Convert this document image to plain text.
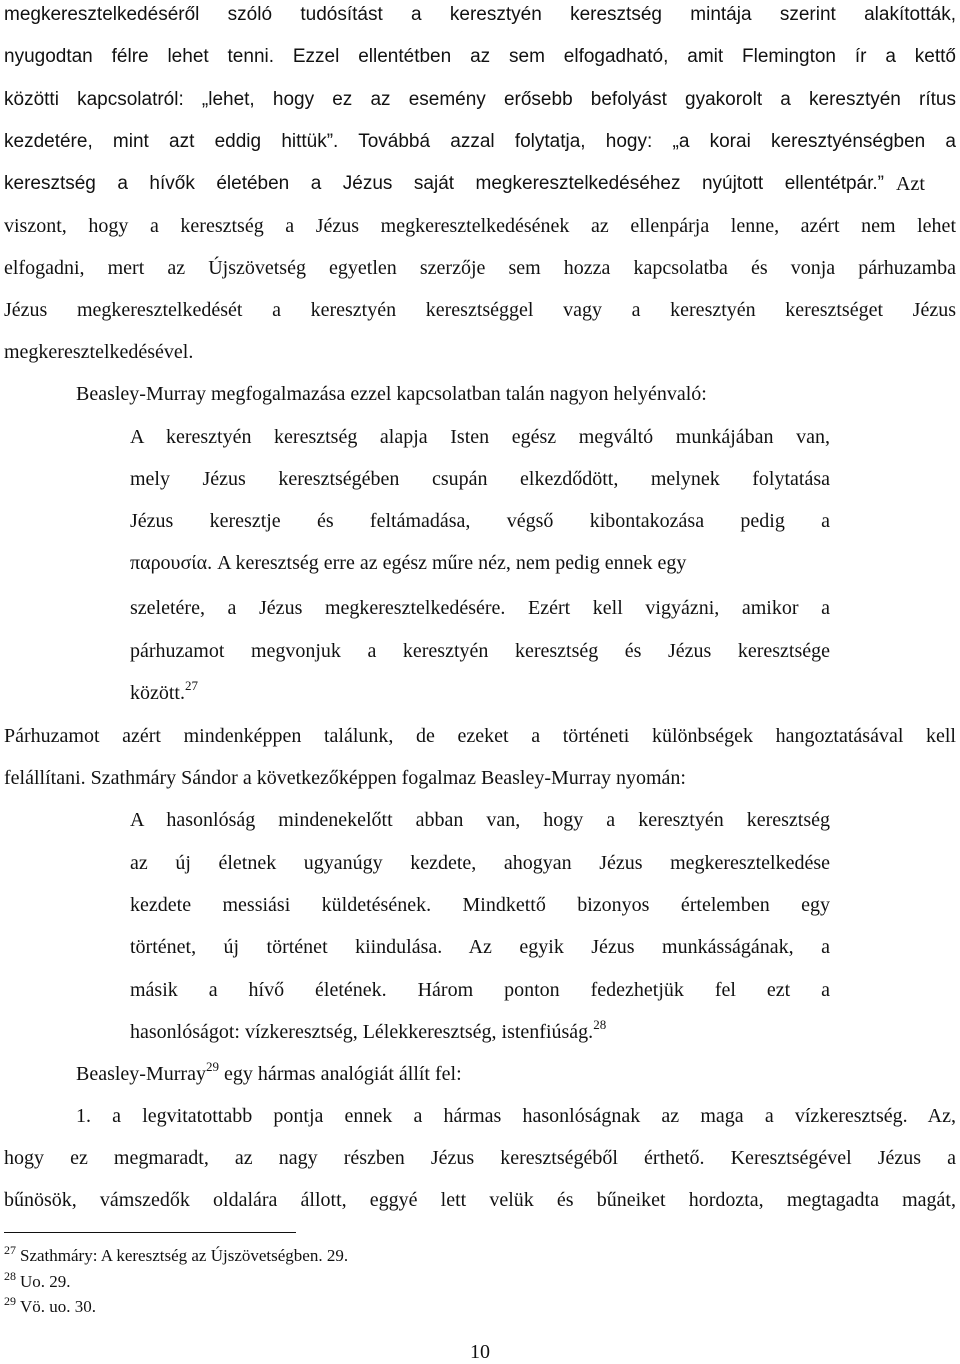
megkeresztelkedéséről szóló tudósítást a keresztyén keresztség mintája szerint alakították,
nyugodtan félre lehet tenni. Ezzel ellentétben az sem elfogadható, amit Flemington ír a kettő
közötti kapcsolatról: „lehet, hogy ez az esemény erősebb befolyást gyakorolt a keresztyén rítus
kezdetére, mint azt eddig hittük”. Továbbá azzal folytatja, hogy: „a korai keresztyénségben a
keresztség a hívők életében a Jézus saját megkeresztelkedéséhez nyújtott ellentétpár.” Azt
viszont, hogy a keresztség a Jézus megkeresztelkedésének az ellenpárja lenne, azért nem lehet
elfogadni, mert az Újszövetség egyetlen szerzője sem hozza kapcsolatba és vonja párhuzamba
Jézus megkeresztelkedését a keresztyén keresztséggel vagy a keresztyén keresztséget Jézus
megkeresztelkedésével.
Beasley-Murray megfogalmazása ezzel kapcsolatban talán nagyon helyénvaló:
A keresztyén keresztség alapja Isten egész megváltó munkájában van,
mely Jézus keresztségében csupán elkezdődött, melynek folytatása
Jézus keresztje és feltámadása, végső kibontakozása pedig a
παρουσία. A keresztség erre az egész műre néz, nem pedig ennek egy
szeletére, a Jézus megkeresztelkedésére. Ezért kell vigyázni, amikor a
párhuzamot megvonjuk a keresztyén keresztség és Jézus keresztsége
között.$^{27}$
Párhuzamot azért mindenképpen találunk, de ezeket a történeti különbségek hangoztatásával kell
felállítani. Szathmáry Sándor a következőképpen fogalmaz Beasley-Murray nyomán:
A hasonlóság mindenekelőtt abban van, hogy a keresztyén keresztség
az új életnek ugyanúgy kezdete, ahogyan Jézus megkeresztelkedése
kezdete messiási küldetésének. Mindkettő bizonyos értelemben egy
történet, új történet kiindulása. Az egyik Jézus munkásságának, a
másik a hívő életének. Három ponton fedezhetjük fel ezt a
hasonlóságot: vízkeresztség, Lélekkeresztség, istenfiúság.$^{28}$
Beasley-Murray$^{29}$ egy hármas analógiát állít fel:
1. a legvitatottabb pontja ennek a hármas hasonlóságnak az maga a vízkeresztség. Az,
hogy ez megmaradt, az nagy részben Jézus keresztségéből érthető. Keresztségével Jézus a
bűnösök, vámszedők oldalára állott, eggyé lett velük és bűneiket hordozta, megtagadta magát,
$^{27}$ Szathmáry: A keresztség az Újszövetségben. 29.
$^{28}$ Uo. 29.
$^{29}$ Vö. uo. 30.
10
